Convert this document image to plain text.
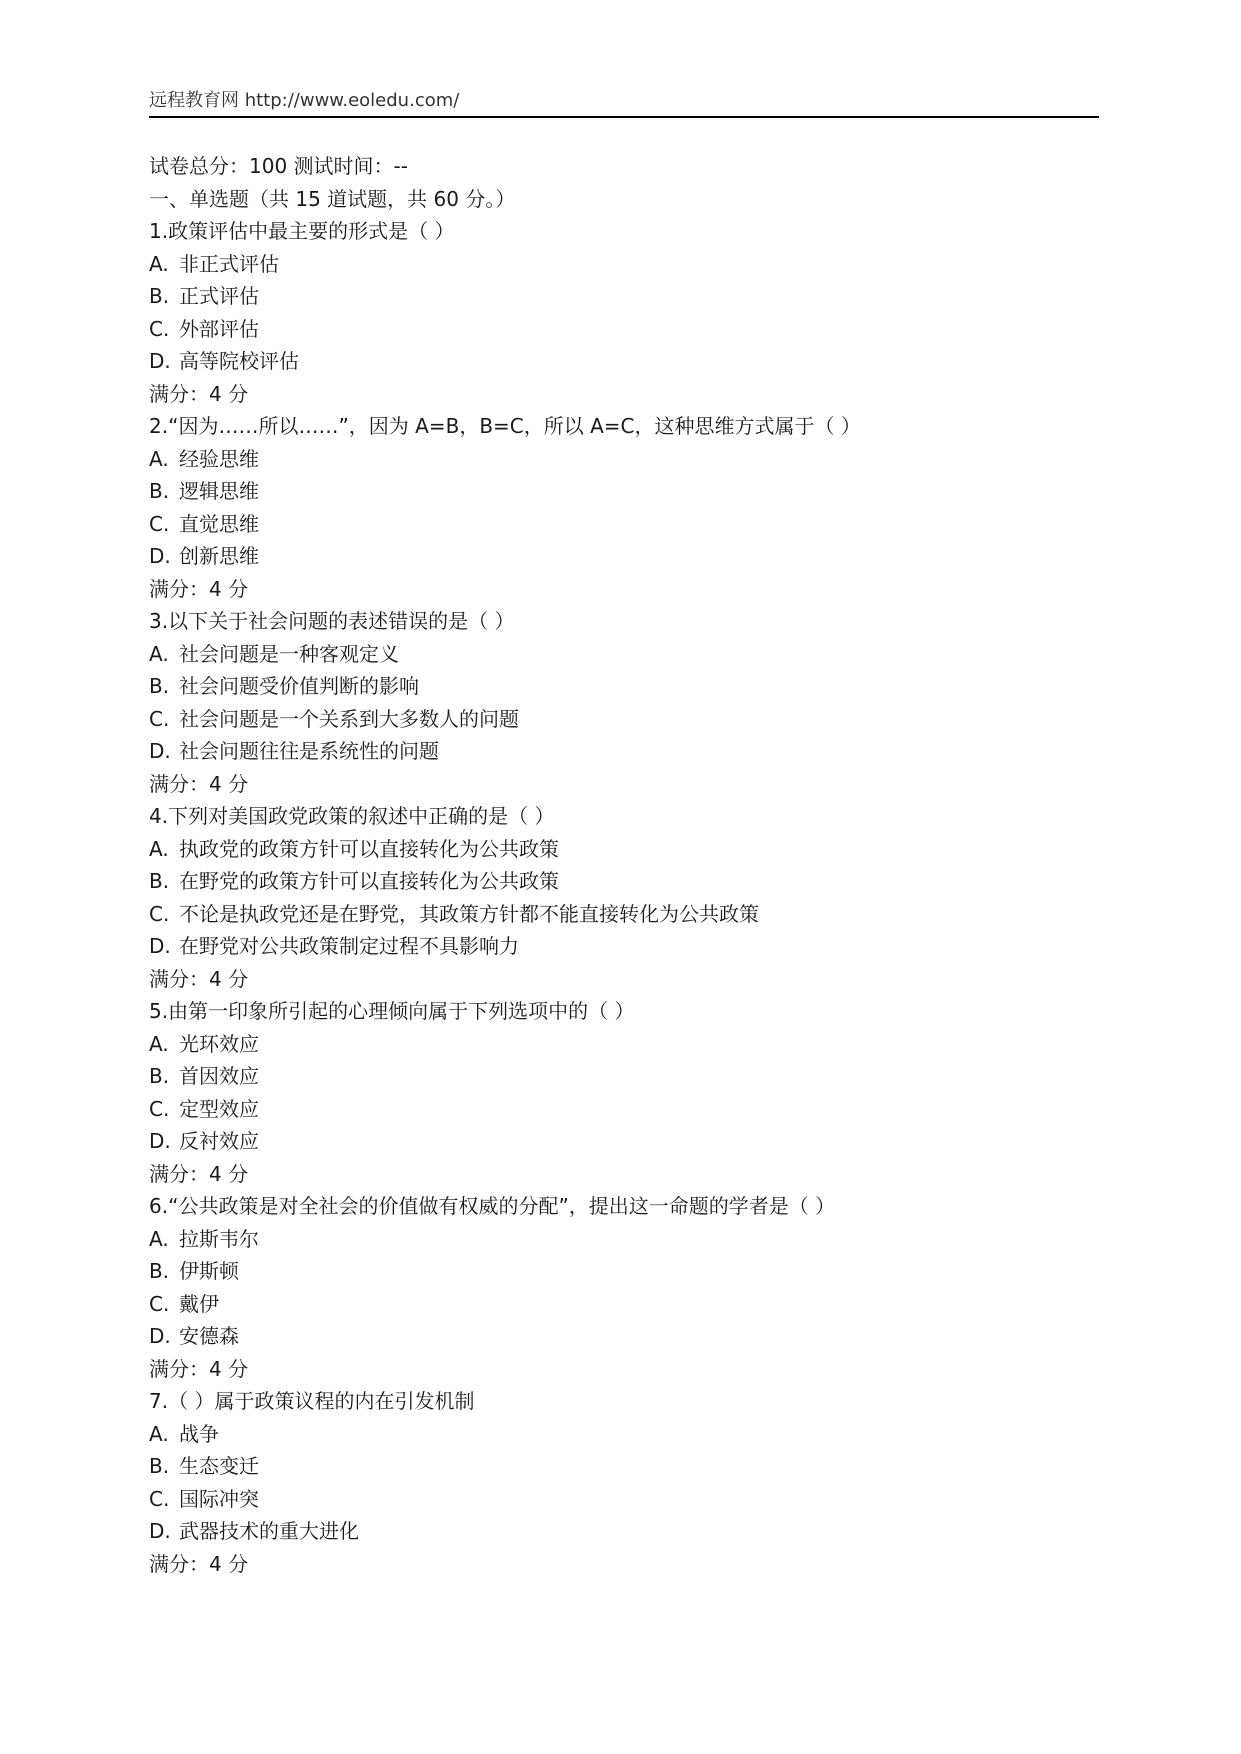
远程教育网 http://www.eoledu.com/
试卷总分：100 测试时间：--
一、单选题（共 15 道试题，共 60 分。）
1.政策评估中最主要的形式是（ ）
A. 非正式评估
B. 正式评估
C. 外部评估
D. 高等院校评估
满分：4 分
2.“因为……所以……”，因为 A=B，B=C，所以 A=C，这种思维方式属于（ ）
A. 经验思维
B. 逻辑思维
C. 直觉思维
D. 创新思维
满分：4 分
3.以下关于社会问题的表述错误的是（ ）
A. 社会问题是一种客观定义
B. 社会问题受价值判断的影响
C. 社会问题是一个关系到大多数人的问题
D. 社会问题往往是系统性的问题
满分：4 分
4.下列对美国政党政策的叙述中正确的是（ ）
A. 执政党的政策方针可以直接转化为公共政策
B. 在野党的政策方针可以直接转化为公共政策
C. 不论是执政党还是在野党，其政策方针都不能直接转化为公共政策
D. 在野党对公共政策制定过程不具影响力
满分：4 分
5.由第一印象所引起的心理倾向属于下列选项中的（ ）
A. 光环效应
B. 首因效应
C. 定型效应
D. 反衬效应
满分：4 分
6.“公共政策是对全社会的价值做有权威的分配”，提出这一命题的学者是（ ）
A. 拉斯韦尔
B. 伊斯顿
C. 戴伊
D. 安德森
满分：4 分
7.（ ）属于政策议程的内在引发机制
A. 战争
B. 生态变迁
C. 国际冲突
D. 武器技术的重大进化
满分：4 分
